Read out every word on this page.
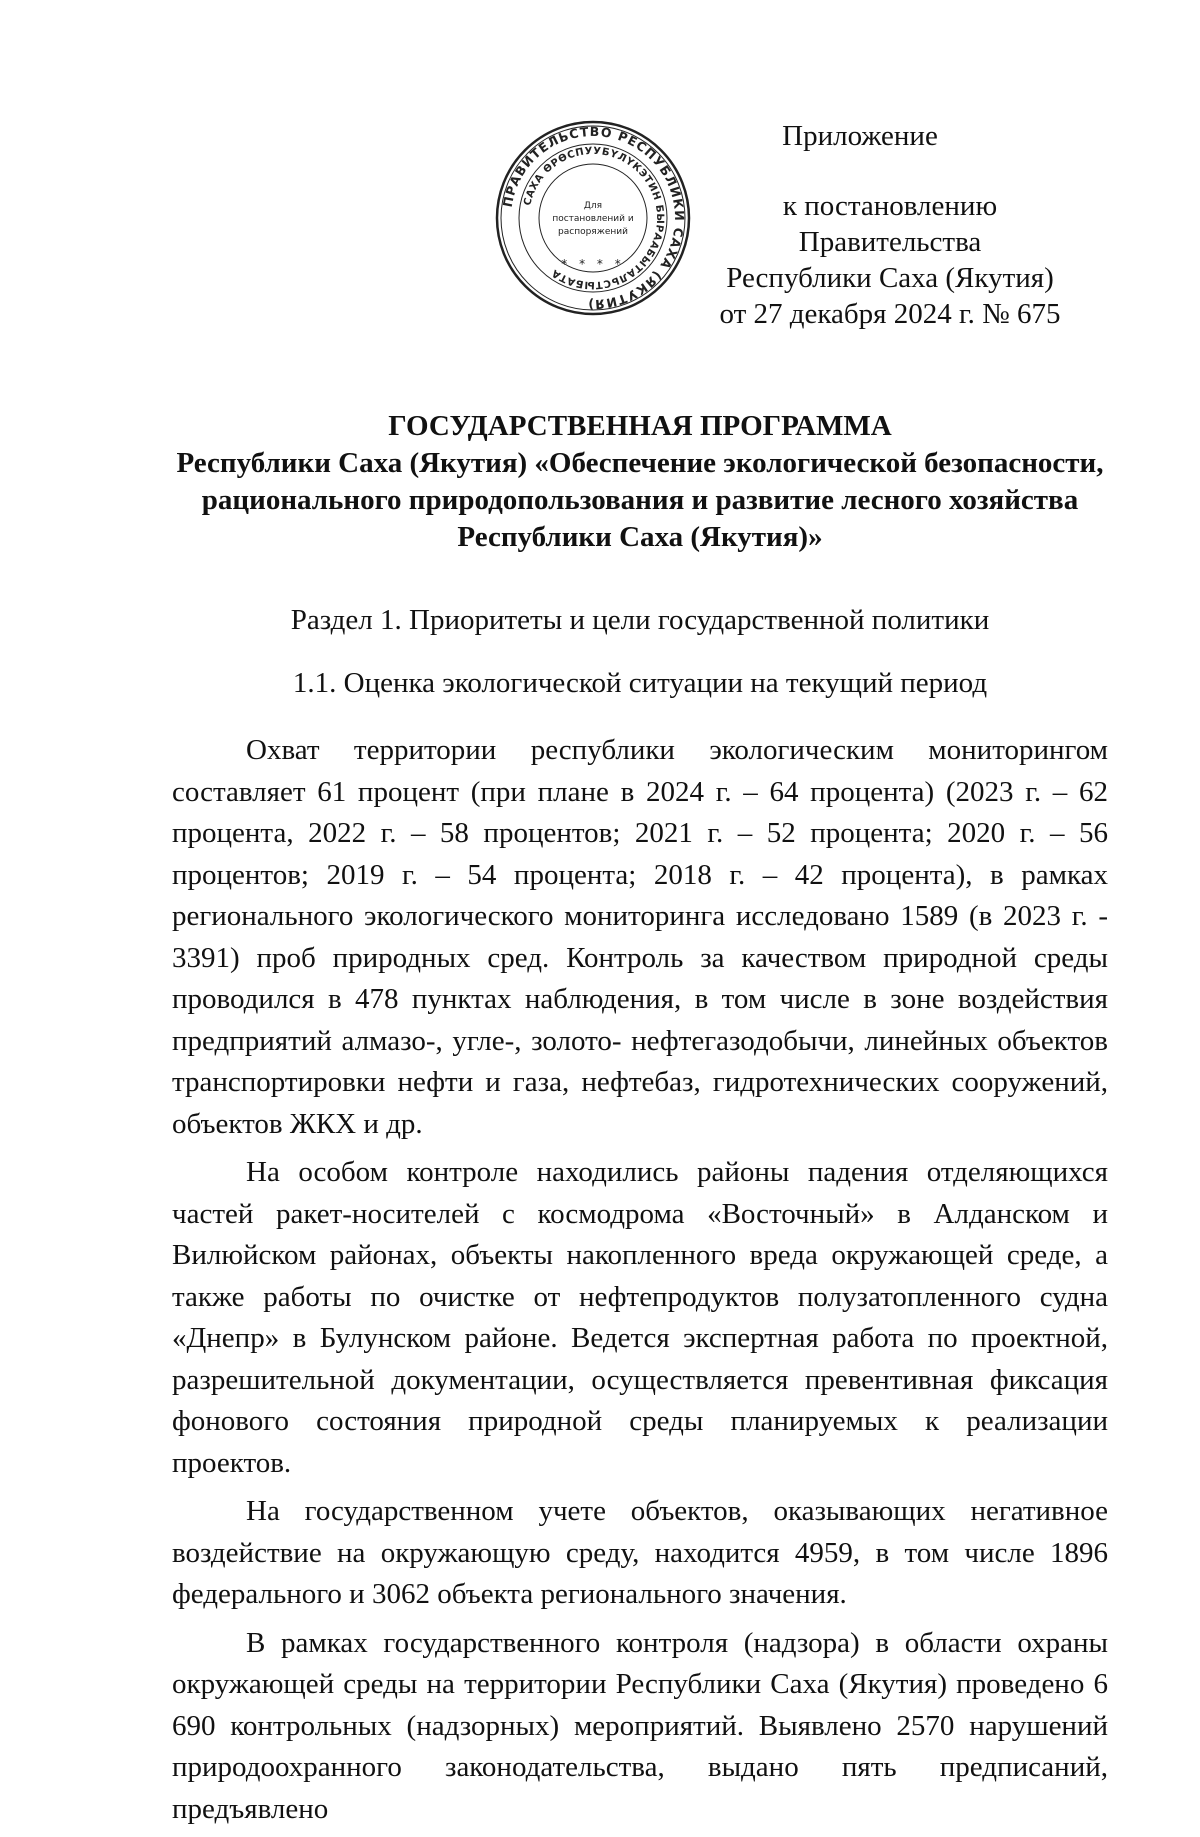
ПРАВИТЕЛЬСТВО РЕСПУБЛИКИ САХА (ЯКУТИЯ)
САХА ӨРӨСПУУБҮЛҮКЭТИН БЫРААБЫТАЛЬСТЫБАТА
Для
постановлений и
распоряжений
* * * *
Приложение
к постановлению Правительства
Республики Саха (Якутия)
от 27 декабря 2024 г. № 675
ГОСУДАРСТВЕННАЯ ПРОГРАММА
Республики Саха (Якутия) «Обеспечение экологической безопасности,
рационального природопользования и развитие лесного хозяйства
Республики Саха (Якутия)»
Раздел 1. Приоритеты и цели государственной политики
1.1. Оценка экологической ситуации на текущий период

Охват территории республики экологическим мониторингом составляет 61 процент (при плане в 2024 г. – 64 процента) (2023 г. – 62 процента, 2022 г. – 58 процентов; 2021 г. – 52 процента; 2020 г. – 56 процентов; 2019 г. – 54 процента; 2018 г. – 42 процента), в рамках регионального экологического мониторинга исследовано 1589 (в 2023 г. - 3391) проб природных сред. Контроль за качеством природной среды проводился в 478 пунктах наблюдения, в том числе в зоне воздействия предприятий алмазо-, угле-, золото- нефтегазодобычи, линейных объектов транспортировки нефти и газа, нефтебаз, гидротехнических сооружений, объектов ЖКХ и др.

На особом контроле находились районы падения отделяющихся частей ракет-носителей с космодрома «Восточный» в Алданском и Вилюйском районах, объекты накопленного вреда окружающей среде, а также работы по очистке от нефтепродуктов полузатопленного судна «Днепр» в Булунском районе. Ведется экспертная работа по проектной, разрешительной документации, осуществляется превентивная фиксация фонового состояния природной среды планируемых к реализации проектов.

На государственном учете объектов, оказывающих негативное воздействие на окружающую среду, находится 4959, в том числе 1896 федерального и 3062 объекта регионального значения.

В рамках государственного контроля (надзора) в области охраны окружающей среды на территории Республики Саха (Якутия) проведено 6 690 контрольных (надзорных) мероприятий. Выявлено 2570 нарушений природоохранного законодательства, выдано пять предписаний, предъявлено
